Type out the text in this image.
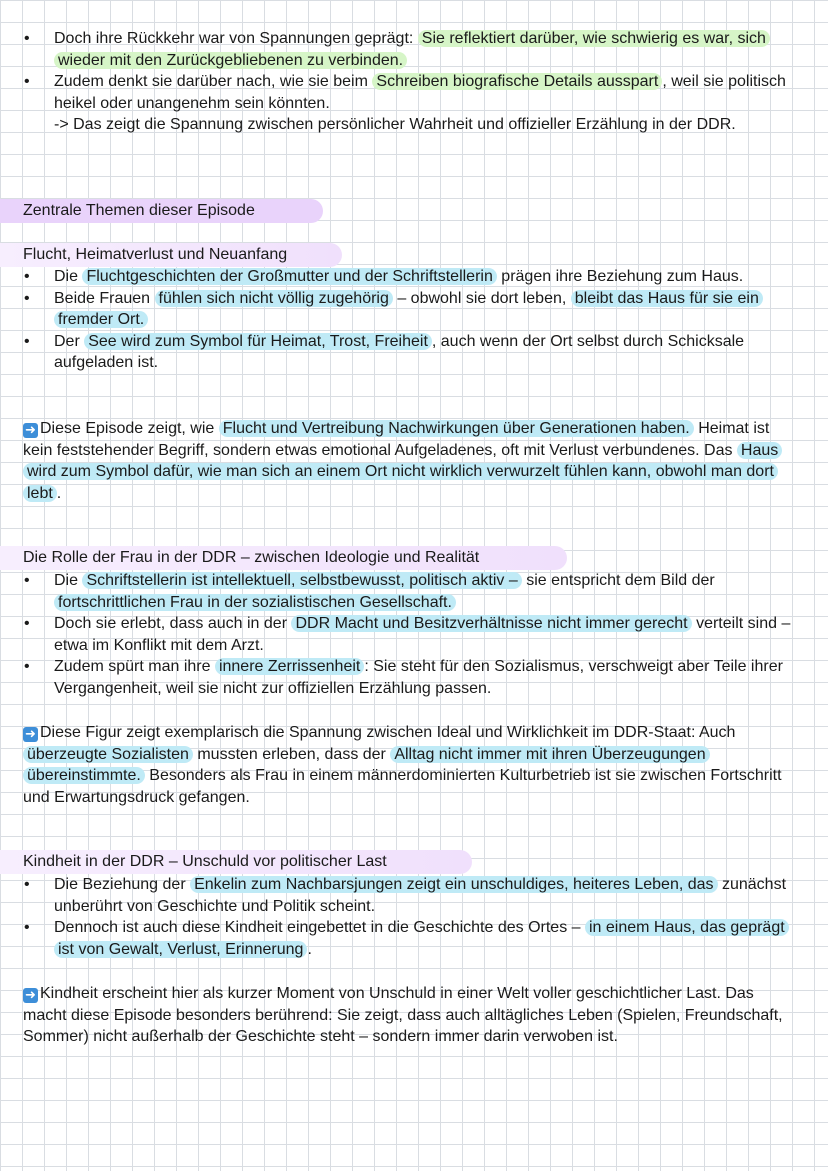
• Doch ihre Rückkehr war von Spannungen geprägt: Sie reflektiert darüber, wie schwierig es war, sich wieder mit den Zurückgebliebenen zu verbinden.
• Zudem denkt sie darüber nach, wie sie beim Schreiben biografische Details ausspart , weil sie politisch heikel oder unangenehm sein könnten.
-> Das zeigt die Spannung zwischen persönlicher Wahrheit und offizieller Erzählung in der DDR.
Zentrale Themen dieser Episode
Flucht, Heimatverlust und Neuanfang
• Die Fluchtgeschichten der Großmutter und der Schriftstellerin prägen ihre Beziehung zum Haus.
• Beide Frauen fühlen sich nicht völlig zugehörig – obwohl sie dort leben, bleibt das Haus für sie ein fremder Ort.
• Der See wird zum Symbol für Heimat, Trost, Freiheit , auch wenn der Ort selbst durch Schicksale aufgeladen ist.
➜ Diese Episode zeigt, wie Flucht und Vertreibung Nachwirkungen über Generationen haben. Heimat ist kein feststehender Begriff, sondern etwas emotional Aufgeladenes, oft mit Verlust verbundenes. Das Haus wird zum Symbol dafür, wie man sich an einem Ort nicht wirklich verwurzelt fühlen kann, obwohl man dort lebt .
Die Rolle der Frau in der DDR – zwischen Ideologie und Realität
• Die Schriftstellerin ist intellektuell, selbstbewusst, politisch aktiv – sie entspricht dem Bild der fortschrittlichen Frau in der sozialistischen Gesellschaft.
• Doch sie erlebt, dass auch in der DDR Macht und Besitzverhältnisse nicht immer gerecht verteilt sind – etwa im Konflikt mit dem Arzt.
• Zudem spürt man ihre innere Zerrissenheit : Sie steht für den Sozialismus, verschweigt aber Teile ihrer Vergangenheit, weil sie nicht zur offiziellen Erzählung passen.
➜ Diese Figur zeigt exemplarisch die Spannung zwischen Ideal und Wirklichkeit im DDR-Staat: Auch überzeugte Sozialisten mussten erleben, dass der Alltag nicht immer mit ihren Überzeugungen übereinstimmte. Besonders als Frau in einem männerdominierten Kulturbetrieb ist sie zwischen Fortschritt und Erwartungsdruck gefangen.
Kindheit in der DDR – Unschuld vor politischer Last
• Die Beziehung der Enkelin zum Nachbarsjungen zeigt ein unschuldiges, heiteres Leben, das zunächst unberührt von Geschichte und Politik scheint.
• Dennoch ist auch diese Kindheit eingebettet in die Geschichte des Ortes – in einem Haus, das geprägt ist von Gewalt, Verlust, Erinnerung .
➜ Kindheit erscheint hier als kurzer Moment von Unschuld in einer Welt voller geschichtlicher Last. Das macht diese Episode besonders berührend: Sie zeigt, dass auch alltägliches Leben (Spielen, Freundschaft, Sommer) nicht außerhalb der Geschichte steht – sondern immer darin verwoben ist.
